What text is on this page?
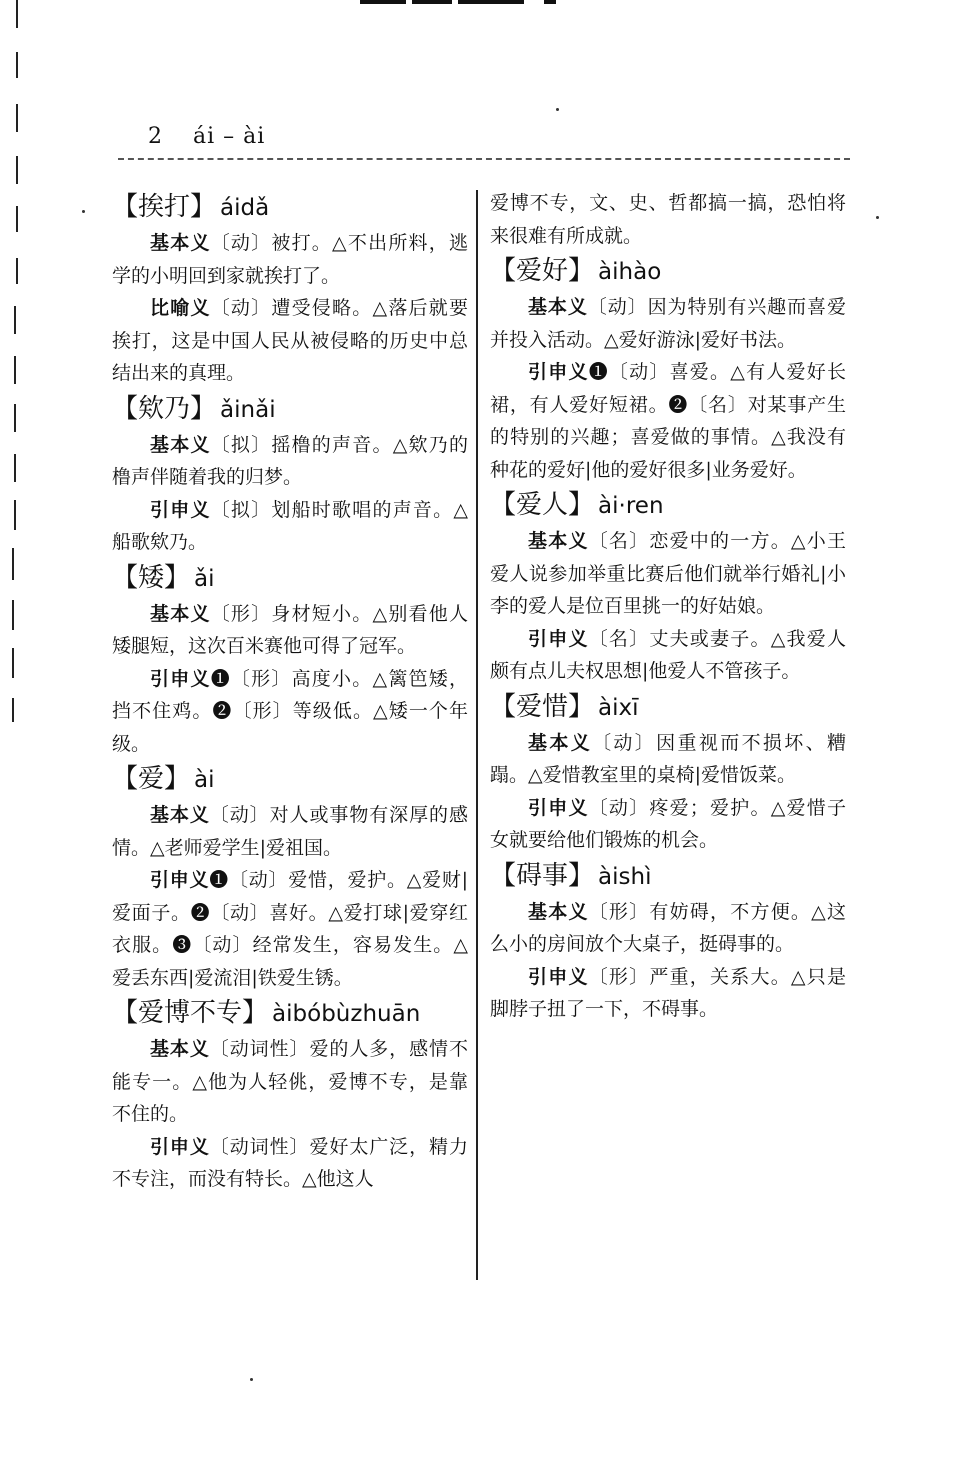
2 ái – ài

【挨打】 áidǎ

基本义〔动〕被打。△不出所料，逃学的小明回到家就挨打了。

比喻义〔动〕遭受侵略。△落后就要挨打，这是中国人民从被侵略的历史中总结出来的真理。

【欸乃】 ǎinǎi

基本义〔拟〕摇橹的声音。△欸乃的橹声伴随着我的归梦。

引申义〔拟〕划船时歌唱的声音。△船歌欸乃。

【矮】 ǎi

基本义〔形〕身材短小。△别看他人矮腿短，这次百米赛他可得了冠军。

引申义❶〔形〕高度小。△篱笆矮，挡不住鸡。❷〔形〕等级低。△矮一个年级。

【爱】 ài

基本义〔动〕对人或事物有深厚的感情。△老师爱学生|爱祖国。

引申义❶〔动〕爱惜，爱护。△爱财|爱面子。❷〔动〕喜好。△爱打球|爱穿红衣服。❸〔动〕经常发生，容易发生。△爱丢东西|爱流泪|铁爱生锈。

【爱博不专】 àibóbùzhuān

基本义〔动词性〕爱的人多，感情不能专一。△他为人轻佻，爱博不专，是靠不住的。

引申义〔动词性〕爱好太广泛，精力不专注，而没有特长。△他这人

爱博不专，文、史、哲都搞一搞，恐怕将来很难有所成就。

【爱好】 àihào

基本义〔动〕因为特别有兴趣而喜爱并投入活动。△爱好游泳|爱好书法。

引申义❶〔动〕喜爱。△有人爱好长裙，有人爱好短裙。❷〔名〕对某事产生的特别的兴趣；喜爱做的事情。△我没有种花的爱好|他的爱好很多|业务爱好。

【爱人】 ài·ren

基本义〔名〕恋爱中的一方。△小王爱人说参加举重比赛后他们就举行婚礼|小李的爱人是位百里挑一的好姑娘。

引申义〔名〕丈夫或妻子。△我爱人颇有点儿夫权思想|他爱人不管孩子。

【爱惜】 àixī

基本义〔动〕因重视而不损坏、糟蹋。△爱惜教室里的桌椅|爱惜饭菜。

引申义〔动〕疼爱；爱护。△爱惜子女就要给他们锻炼的机会。

【碍事】 àishì

基本义〔形〕有妨碍，不方便。△这么小的房间放个大桌子，挺碍事的。

引申义〔形〕严重，关系大。△只是脚脖子扭了一下，不碍事。
